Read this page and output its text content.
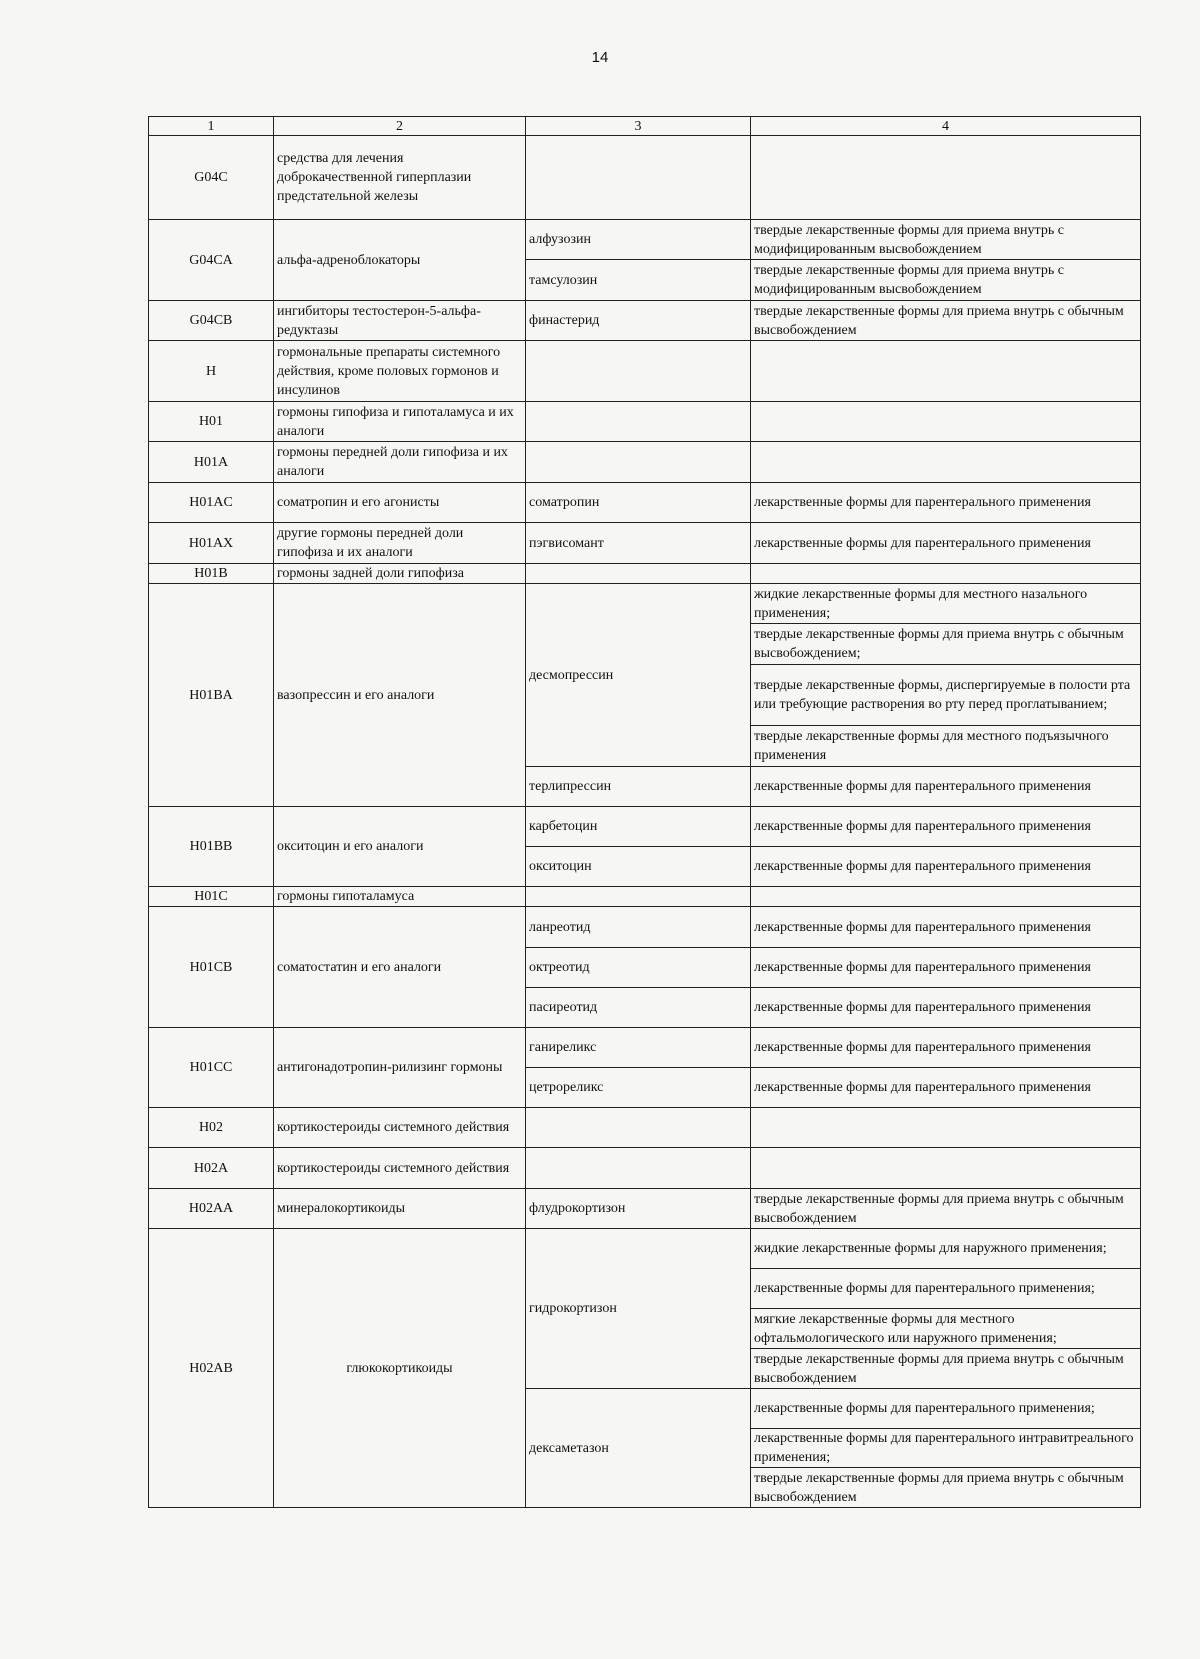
14
1	2	3	4
G04C	средства для лечения доброкачественной гиперплазии предстательной железы		
G04CA	альфа-адреноблокаторы	алфузозин	твердые лекарственные формы для приема внутрь с модифицированным высвобождением
		тамсулозин	твердые лекарственные формы для приема внутрь с модифицированным высвобождением
G04CB	ингибиторы тестостерон-5-альфа-редуктазы	финастерид	твердые лекарственные формы для приема внутрь с обычным высвобождением
H	гормональные препараты системного действия, кроме половых гормонов и инсулинов		
H01	гормоны гипофиза и гипоталамуса и их аналоги		
H01A	гормоны передней доли гипофиза и их аналоги		
H01AC	соматропин и его агонисты	соматропин	лекарственные формы для парентерального применения
H01AX	другие гормоны передней доли гипофиза и их аналоги	пэгвисомант	лекарственные формы для парентерального применения
H01B	гормоны задней доли гипофиза		
H01BA	вазопрессин и его аналоги	десмопрессин	жидкие лекарственные формы для местного назального применения;
			твердые лекарственные формы для приема внутрь с обычным высвобождением;
			твердые лекарственные формы, диспергируемые в полости рта или требующие растворения во рту перед проглатыванием;
			твердые лекарственные формы для местного подъязычного применения
		терлипрессин	лекарственные формы для парентерального применения
H01BB	окситоцин и его аналоги	карбетоцин	лекарственные формы для парентерального применения
		окситоцин	лекарственные формы для парентерального применения
H01C	гормоны гипоталамуса		
H01CB	соматостатин и его аналоги	ланреотид	лекарственные формы для парентерального применения
		октреотид	лекарственные формы для парентерального применения
		пасиреотид	лекарственные формы для парентерального применения
H01CC	антигонадотропин-рилизинг гормоны	ганиреликс	лекарственные формы для парентерального применения
		цетрореликс	лекарственные формы для парентерального применения
H02	кортикостероиды системного действия		
H02A	кортикостероиды системного действия		
H02AA	минералокортикоиды	флудрокортизон	твердые лекарственные формы для приема внутрь с обычным высвобождением
H02AB	глюкокортикоиды	гидрокортизон	жидкие лекарственные формы для наружного применения;
			лекарственные формы для парентерального применения;
			мягкие лекарственные формы для местного офтальмологического или наружного применения;
			твердые лекарственные формы для приема внутрь с обычным высвобождением
		дексаметазон	лекарственные формы для парентерального применения;
			лекарственные формы для парентерального интравитреального применения;
			твердые лекарственные формы для приема внутрь с обычным высвобождением
